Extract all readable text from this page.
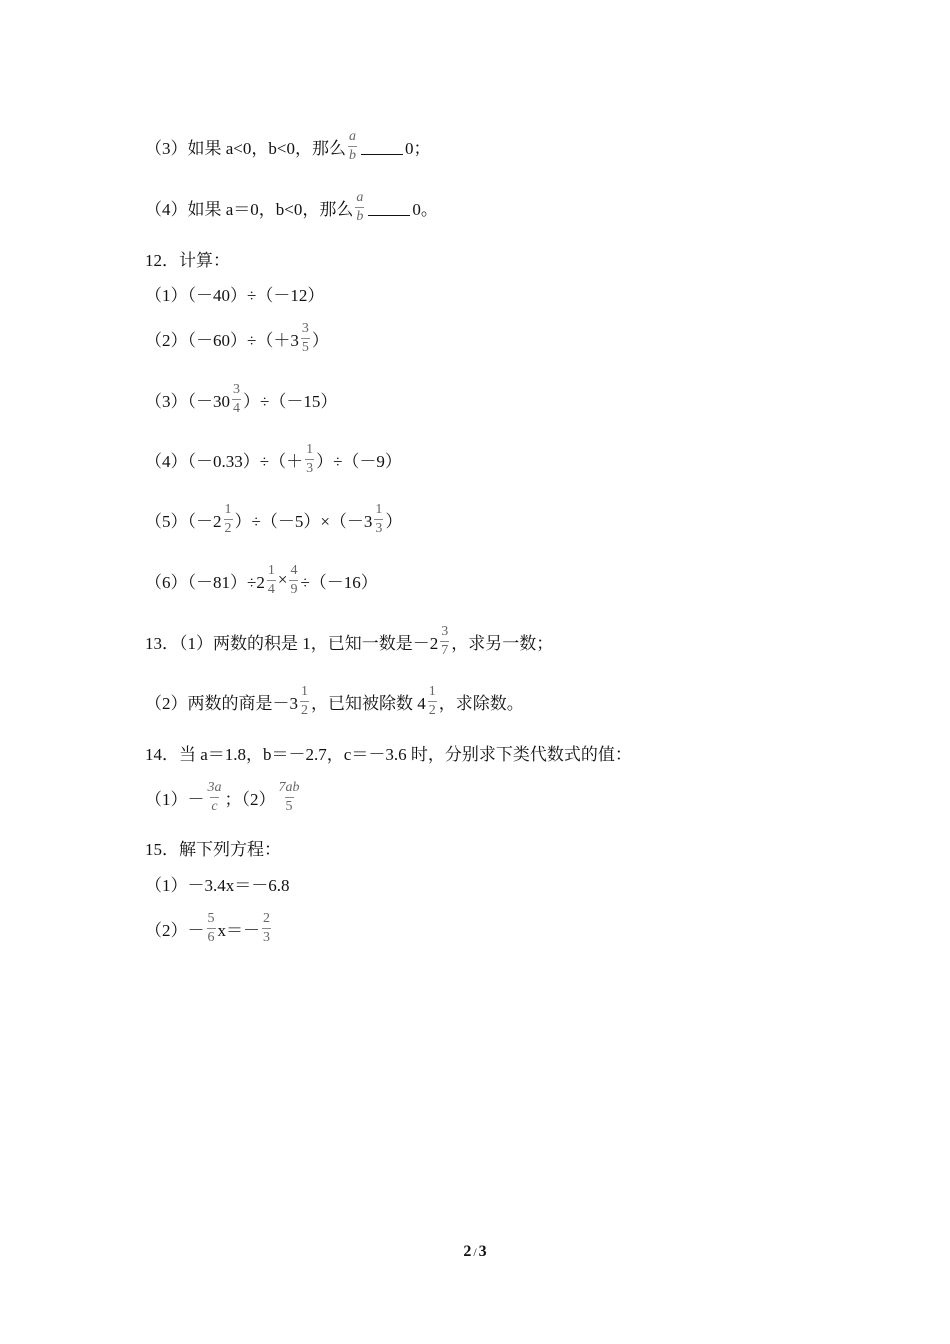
（3）如果 a<0，b<0，那么 $\frac{a}{b}$	0；
（4）如果 a＝0，b<0，那么 $\frac{a}{b}$	0。
12．计算：
（1）（－40）÷（－12）
$(2)(-60)\div(+3 \frac{3}{5}$ ）
$(3)(-30 \frac{3}{4} )\div(-15)$
$(4)(-0.33)\div(+ \frac{1}{3} )\div(-9)$
$(5)(-2 \frac{1}{2} )\div(-5)\times(-3 \frac{1}{3}$ ）
$(6)(-81)\div 2 \frac{1}{4} \times \frac{4}{9} \div(-16)$
13．（1）两数的积是 1，已知一数是$-2 \frac{3}{7}$ ，求另一数；
（2）两数的商是$-3 \frac{1}{2}$ ，已知被除数 $4 \frac{1}{2}$ ，求除数。
14．当 a＝1.8，b＝－2.7，c＝－3.6 时，分别求下类代数式的值：
$(1)- \frac{3a}{c}$ ；$(2) \frac{7ab}{5}$
15．解下列方程：
（1）－3.4x＝－6.8
$(2)- \frac{5}{6} x=- \frac{2}{3}$
2 / 3
